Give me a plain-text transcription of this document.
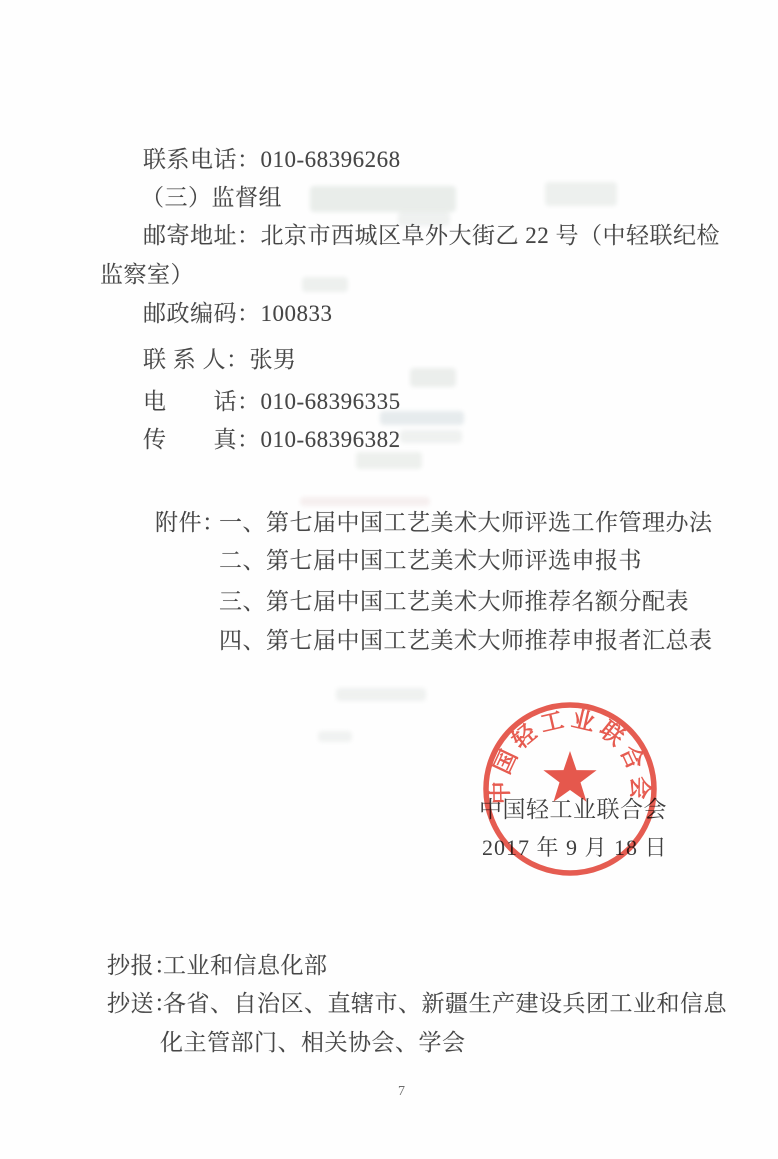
联系电话：010-68396268
（三）监督组
邮寄地址：北京市西城区阜外大街乙 22 号（中轻联纪检
监察室）
邮政编码：100833
联 系 人：张男
电　　话：010-68396335
传　　真：010-68396382
附件：
一、第七届中国工艺美术大师评选工作管理办法
二、第七届中国工艺美术大师评选申报书
三、第七届中国工艺美术大师推荐名额分配表
四、第七届中国工艺美术大师推荐申报者汇总表
中国轻工业联合会
2017 年 9 月 18 日
中国轻工业联合会
抄报：
工业和信息化部
抄送：
各省、自治区、直辖市、新疆生产建设兵团工业和信息
化主管部门、相关协会、学会
7
